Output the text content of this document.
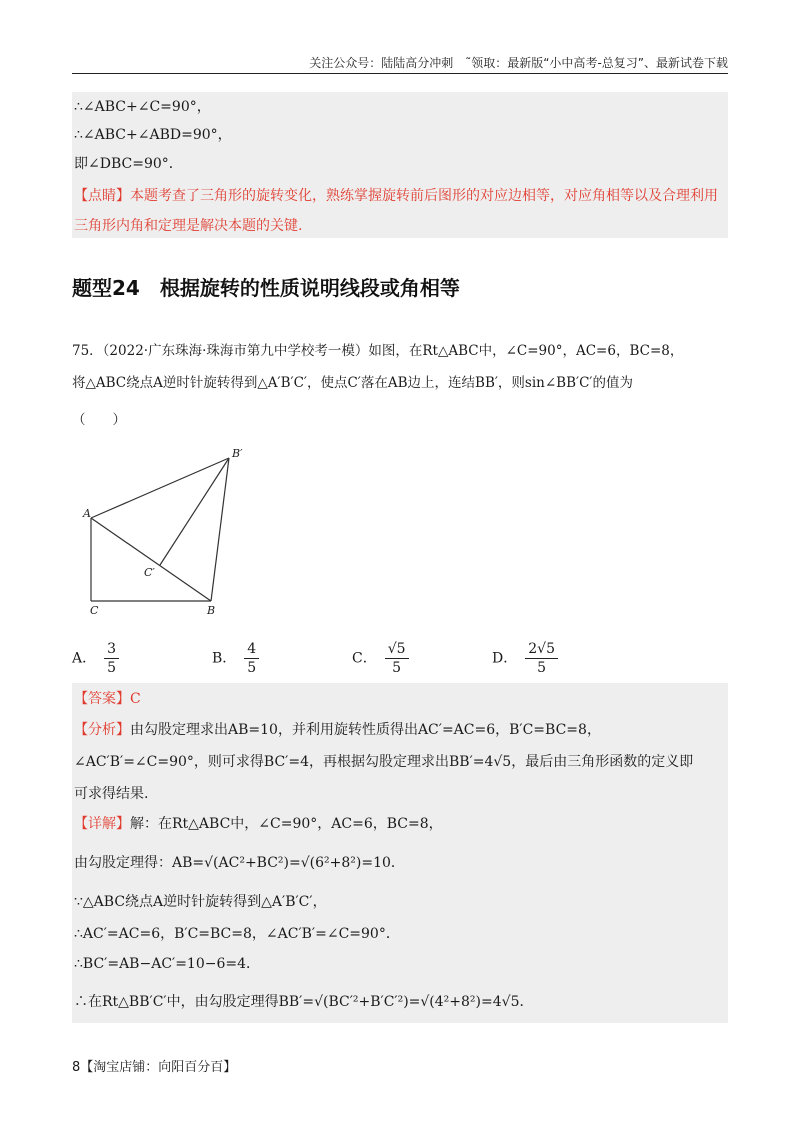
关注公众号：陆陆高分冲刺　˜领取：最新版“小中高考-总复习”、最新试卷下载
∴∠ABC+∠C=90°，
∴∠ABC+∠ABD=90°，
即∠DBC=90°．
【点睛】本题考查了三角形的旋转变化，熟练掌握旋转前后图形的对应边相等，对应角相等以及合理利用
三角形内角和定理是解决本题的关键.
题型24　根据旋转的性质说明线段或角相等
75．（2022·广东珠海·珠海市第九中学校考一模）如图，在Rt△ABC中，∠C=90°，AC=6，BC=8，
将△ABC绕点A逆时针旋转得到△A′B′C′，使点C′落在AB边上，连结BB′，则sin∠BB′C′的值为
（　　）
A
C	B
B′
C′
A． $\frac{3}{5}$	B． $\frac{4}{5}$	C． $\frac{√5}{5}$	D． $\frac{2√5}{5}$
【答案】C
【分析】由勾股定理求出AB=10，并利用旋转性质得出AC′=AC=6，B′C=BC=8，
∠AC′B′=∠C=90°，则可求得BC′=4，再根据勾股定理求出BB′=4√5，最后由三角形函数的定义即
可求得结果.
【详解】解：在Rt△ABC中，∠C=90°，AC=6，BC=8，
由勾股定理得：AB=√(AC²+BC²)=√(6²+8²)=10．
∵△ABC绕点A逆时针旋转得到△A′B′C′，
∴AC′=AC=6，B′C=BC=8，∠AC′B′=∠C=90°．
∴BC′=AB−AC′=10−6=4．
∴在Rt△BB′C′中，由勾股定理得BB′=√(BC′²+B′C′²)=√(4²+8²)=4√5．
8【淘宝店铺：向阳百分百】
